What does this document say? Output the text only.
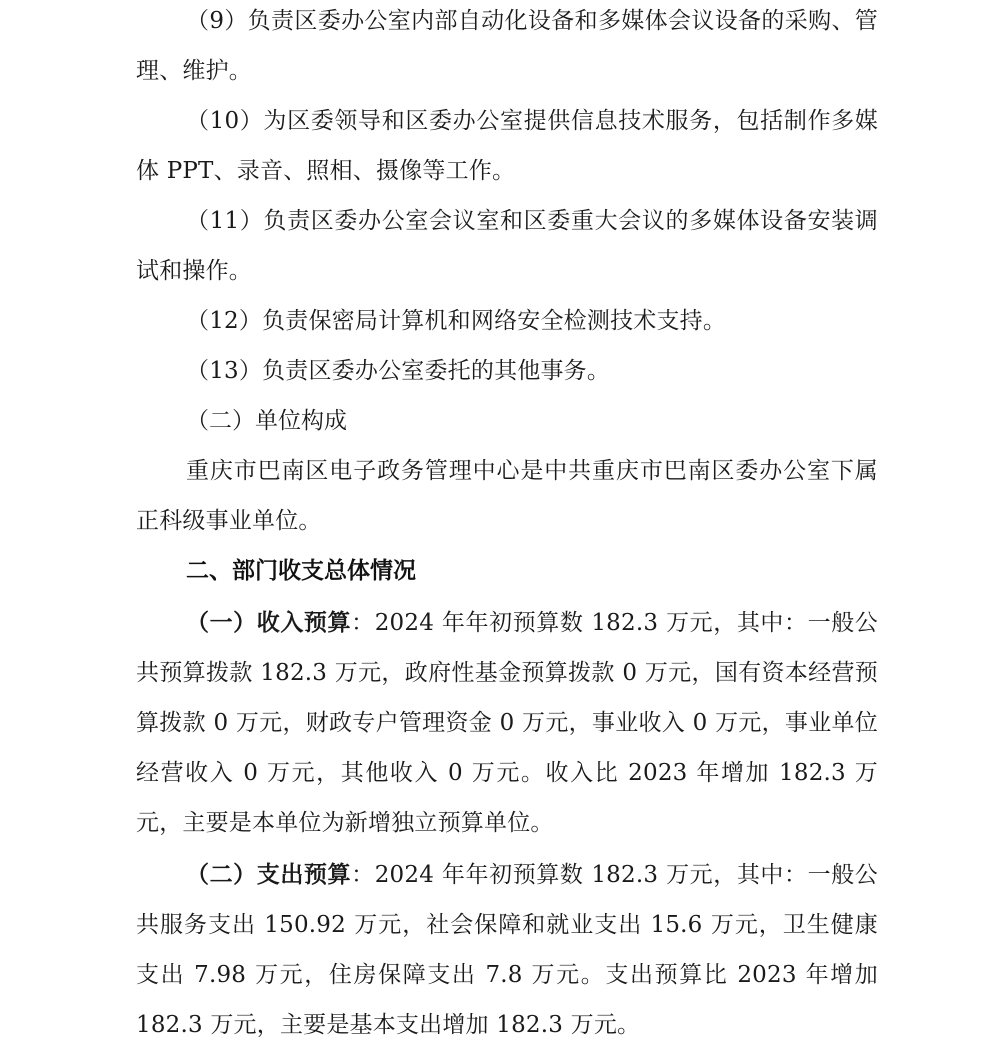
（9）负责区委办公室内部自动化设备和多媒体会议设备的采购、管理、维护。

（10）为区委领导和区委办公室提供信息技术服务，包括制作多媒体 PPT、录音、照相、摄像等工作。

（11）负责区委办公室会议室和区委重大会议的多媒体设备安装调试和操作。

（12）负责保密局计算机和网络安全检测技术支持。

（13）负责区委办公室委托的其他事务。

（二）单位构成

重庆市巴南区电子政务管理中心是中共重庆市巴南区委办公室下属正科级事业单位。

二、部门收支总体情况

（一）收入预算：2024 年年初预算数 182.3 万元，其中：一般公共预算拨款 182.3 万元，政府性基金预算拨款 0 万元，国有资本经营预算拨款 0 万元，财政专户管理资金 0 万元，事业收入 0 万元，事业单位经营收入 0 万元，其他收入 0 万元。收入比 2023 年增加 182.3 万元，主要是本单位为新增独立预算单位。

（二）支出预算：2024 年年初预算数 182.3 万元，其中：一般公共服务支出 150.92 万元，社会保障和就业支出 15.6 万元，卫生健康支出 7.98 万元，住房保障支出 7.8 万元。支出预算比 2023 年增加 182.3 万元，主要是基本支出增加 182.3 万元。
